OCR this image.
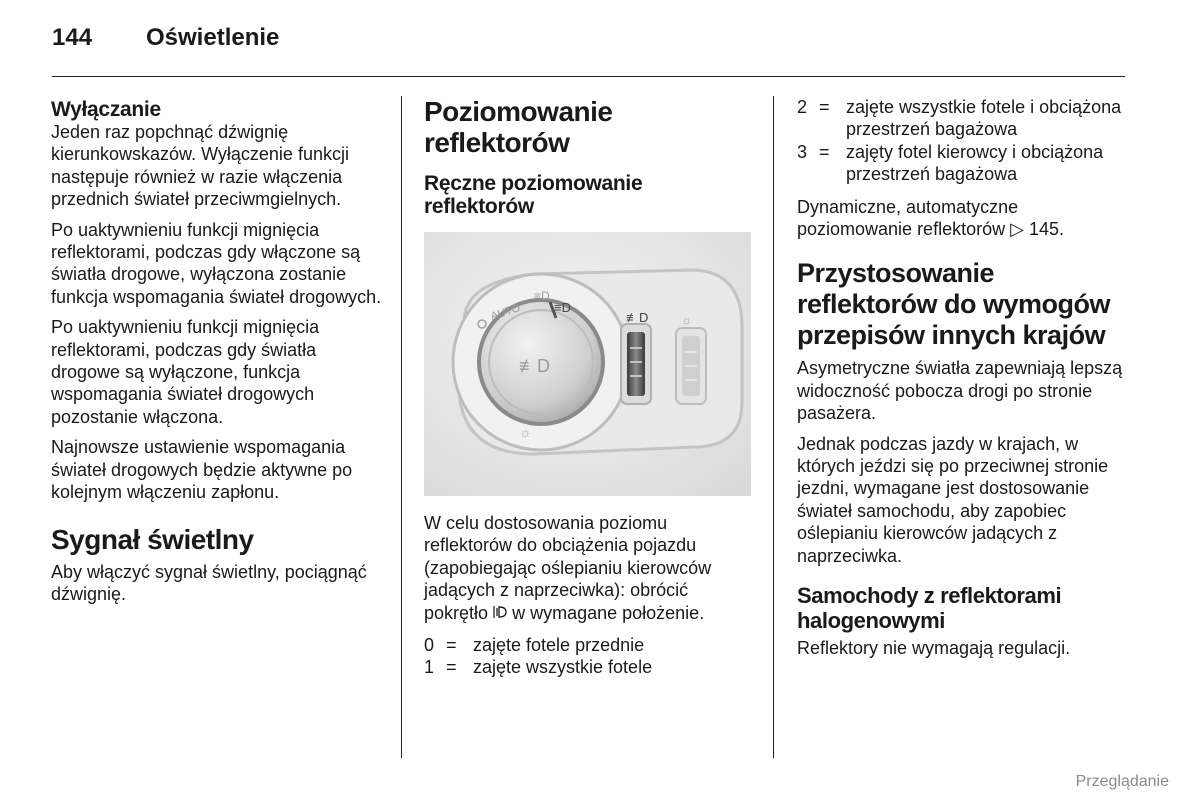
144 Oświetlenie
Wyłączanie

Jeden raz popchnąć dźwignię kierunkowskazów. Wyłączenie funkcji następuje również w razie włączenia przednich świateł przeciwmgielnych.

Po uaktywnieniu funkcji mignięcia reflektorami, podczas gdy włączone są światła drogowe, wyłączona zostanie funkcja wspomagania świateł drogowych.

Po uaktywnieniu funkcji mignięcia reflektorami, podczas gdy światła drogowe są wyłączone, funkcja wspomagania świateł drogowych pozostanie włączona.

Najnowsze ustawienie wspomagania świateł drogowych będzie aktywne po kolejnym włączeniu zapłonu.

Sygnał świetlny

Aby włączyć sygnał świetlny, pociągnąć dźwignię.

Poziomowanie reflektorów
Ręczne poziomowanie reflektorów
AUTO
≡D
≡D
≢D
☼
≢D	☼

W celu dostosowania poziomu reflektorów do obciążenia pojazdu (zapobiegając oślepianiu kierowców jadących z naprzeciwka): obrócić pokrętło w wymagane położenie.

0 = zajęte fotele przednie
1 = zajęte wszystkie fotele
2 = zajęte wszystkie fotele i obciążona przestrzeń bagażowa
3 = zajęty fotel kierowcy i obciążona przestrzeń bagażowa

Dynamiczne, automatyczne poziomowanie reflektorów ▷ 145.

Przystosowanie reflektorów do wymogów przepisów innych krajów

Asymetryczne światła zapewniają lepszą widoczność pobocza drogi po stronie pasażera.

Jednak podczas jazdy w krajach, w których jeździ się po przeciwnej stronie jezdni, wymagane jest dostosowanie świateł samochodu, aby zapobiec oślepianiu kierowców jadących z naprzeciwka.

Samochody z reflektorami halogenowymi

Reflektory nie wymagają regulacji.

Przeglądanie
